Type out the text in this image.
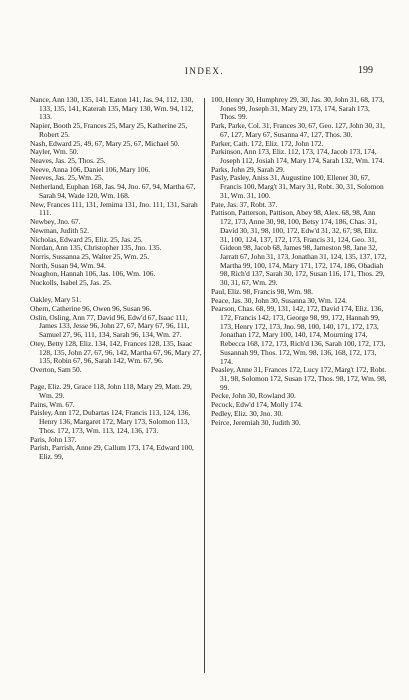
INDEX.	199

Nance, Ann 130, 135, 141, Eaton 141, Jas. 94, 112, 130, 133, 135, 141, Katerah 135, Mary 130, Wm. 94, 112, 133.

Napier, Booth 25, Frances 25, Mary 25, Katherine 25, Robert 25.

Nash, Edward 25, 49, 67, Mary 25, 67, Michael 50.

Nayler, Wm. 50.

Neaves, Jas. 25, Thos. 25.

Neeve, Anna 106, Daniel 106, Mary 106.

Neeves, Jas. 25, Wm. 25.

Netherland, Euphan 168, Jas. 94, Jno. 67, 94, Martha 67, Sarah 94, Wade 120, Wm. 168.

New, Frances 111, 131, Jemima 131, Jno. 111, 131, Sarah 111.

Newbey, Jno. 67.

Newman, Judith 52.

Nicholas, Edward 25, Eliz. 25, Jas. 25.

Nordan, Ann 135, Christopher 135, Jno. 135.

Norris, Sussanna 25, Walter 25, Wm. 25.

North, Susan 94, Wm. 94.

Noaghon, Hannah 106, Jas. 106, Wm. 106.

Nuckolls, Isabel 25, Jas. 25.

Oakley, Mary 51.

Ohern, Catherine 96, Owen 96, Susan 96.

Oslin, Osling, Ann 77, David 96, Edw'd 67, Isaac 111, James 133, Jesse 96, John 27, 67, Mary 67, 96, 111, Samuel 27, 96, 111, 134, Sarah 96, 134, Wm. 27.

Otey, Betty 128, Eliz. 134, 142, Frances 128, 135, Isaac 128, 135, John 27, 67, 96, 142, Martha 67, 96, Mary 27, 135, Robin 67, 96, Sarah 142, Wm. 67, 96.

Overton, Sam 50.

Page, Eliz. 29, Grace 118, John 118, Mary 29, Matt. 29, Wm. 29.

Pains, Wm. 67.

Paisley, Ann 172, Dubartas 124, Francis 113, 124, 136, Henry 136, Margaret 172, Mary 173, Solomon 113, Thos. 172, 173, Wm. 113, 124, 136, 173.

Paris, John 137.

Parish, Parrish, Anne 29, Callum 173, 174, Edward 100, Eliz. 99,

100, Henry 30, Humphrey 29, 30, Jas. 30, John 31, 68, 173, Jones 99, Joseph 31, Mary 29, 173, 174, Sarah 173, Thos. 99.

Park, Parke, Col. 31, Frances 30, 67, Geo. 127, John 30, 31, 67, 127, Mary 67, Susanna 47, 127, Thos. 30.

Parker, Cath. 172, Eliz. 172, John 172.

Parkinson, Ann 173, Eliz. 112, 173, 174, Jacob 173, 174, Joseph 112, Josiah 174, Mary 174, Sarah 132, Wm. 174.

Parks, John 29, Sarah 29.

Pasly, Pasley, Aniss 31, Augustine 100, Ellener 30, 67, Francis 100, Marg't 31, Mary 31, Robt. 30, 31, Solomon 31, Wm. 31, 100.

Pate, Jas. 37, Robt. 37.

Pattison, Patterson, Pattison, Abey 98, Alex. 68, 98, Ann 172, 173, Anne 30, 98, 100, Betsy 174, 186, Chas. 31, David 30, 31, 98, 100, 172, Edw'd 31, 32, 67, 98, Eliz. 31, 100, 124, 137, 172, 173, Francis 31, 124, Geo. 31, Gideon 98, Jacob 68, James 98, Jameston 98, Jane 32, Jarratt 67, John 31, 173, Jonathan 31, 124, 135, 137, 172, Martha 99, 100, 174, Mary 171, 172, 174, 186, Obadiah 98, Rich'd 137, Sarah 30, 172, Susan 116, 171, Thos. 29, 30, 31, 67, Wm. 29.

Paul, Eliz. 98, Francis 98, Wm. 98.

Peace, Jas. 30, John 30, Susanna 30, Wm. 124.

Pearson, Chas. 68, 99, 131, 142, 172, David 174, Eliz. 136, 172, Francis 142, 173, George 98, 99, 172, Hannah 99, 173, Henry 172, 173, Jno. 98, 100, 140, 171, 172, 173, Jonathan 172, Mary 100, 140, 174, Mourning 174, Rebecca 168, 172, 173, Rich'd 136, Sarah 100, 172, 173, Susannah 99, Thos. 172, Wm. 98, 136, 168, 172, 173, 174.

Peasley, Anne 31, Frances 172, Lucy 172, Marg't 172, Robt. 31, 98, Solomon 172, Susan 172, Thos. 98, 172, Wm. 98, 99.

Pecke, John 30, Rowland 30.

Pecock, Edw'd 174, Molly 174.

Pedley, Eliz. 30, Jno. 30.

Peirce, Jeremiah 30, Judith 30.
